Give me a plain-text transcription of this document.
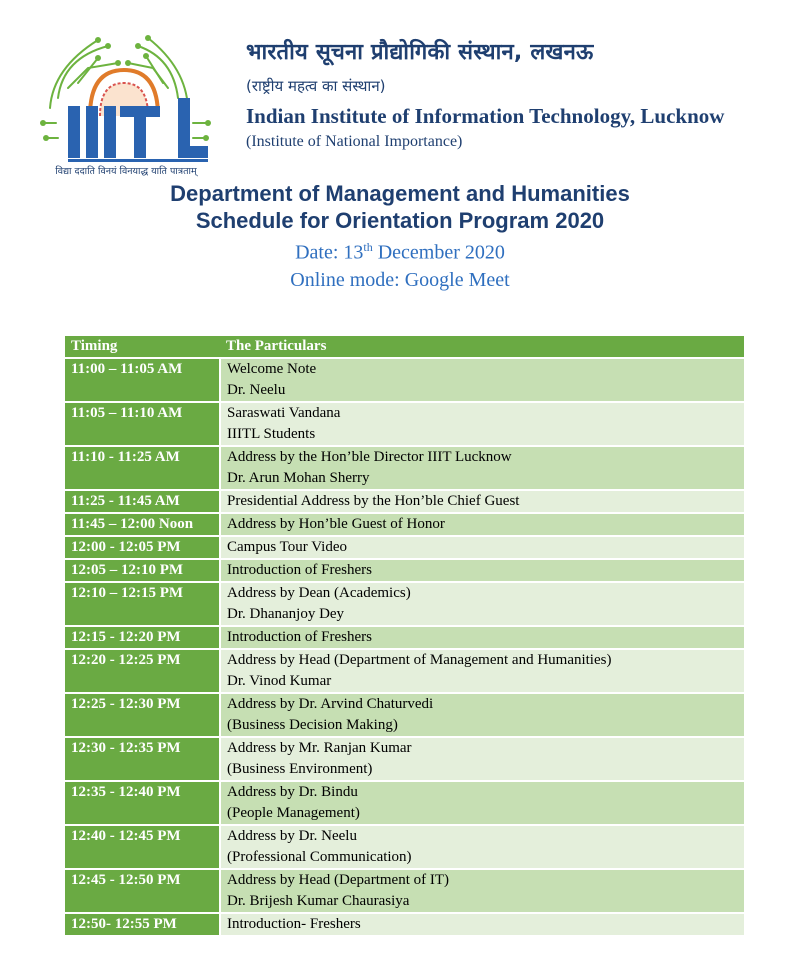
विद्या ददाति विनयं विनयाद्ध याति पात्रताम्
भारतीय सूचना प्रौद्योगिकी संस्थान, लखनऊ
(राष्ट्रीय महत्व का संस्थान)
Indian Institute of Information Technology, Lucknow
(Institute of National Importance)
Department of Management and Humanities
Schedule for Orientation Program 2020
Date: 13th December 2020
Online mode: Google Meet
Timing	The Particulars
11:00 – 11:05 AM	Welcome Note
Dr. Neelu

11:05 – 11:10 AM	Saraswati Vandana
IIITL Students

11:10 - 11:25 AM	Address by the Hon’ble Director IIIT Lucknow
Dr. Arun Mohan Sherry

11:25 - 11:45 AM	Presidential Address by the Hon’ble Chief Guest

11:45 – 12:00 Noon	Address by Hon’ble Guest of Honor

12:00 - 12:05 PM	Campus Tour Video

12:05 – 12:10 PM	Introduction of Freshers

12:10 – 12:15 PM	Address by Dean (Academics)
Dr. Dhananjoy Dey

12:15 - 12:20 PM	Introduction of Freshers

12:20 - 12:25 PM	Address by Head (Department of Management and Humanities)
Dr. Vinod Kumar

12:25 - 12:30 PM	Address by Dr. Arvind Chaturvedi
(Business Decision Making)

12:30 - 12:35 PM	Address by Mr. Ranjan Kumar
(Business Environment)

12:35 - 12:40 PM	Address by Dr. Bindu
(People Management)

12:40 - 12:45 PM	Address by Dr. Neelu
(Professional Communication)

12:45 - 12:50 PM	Address by Head (Department of IT)
Dr. Brijesh Kumar Chaurasiya

12:50- 12:55 PM	Introduction- Freshers
